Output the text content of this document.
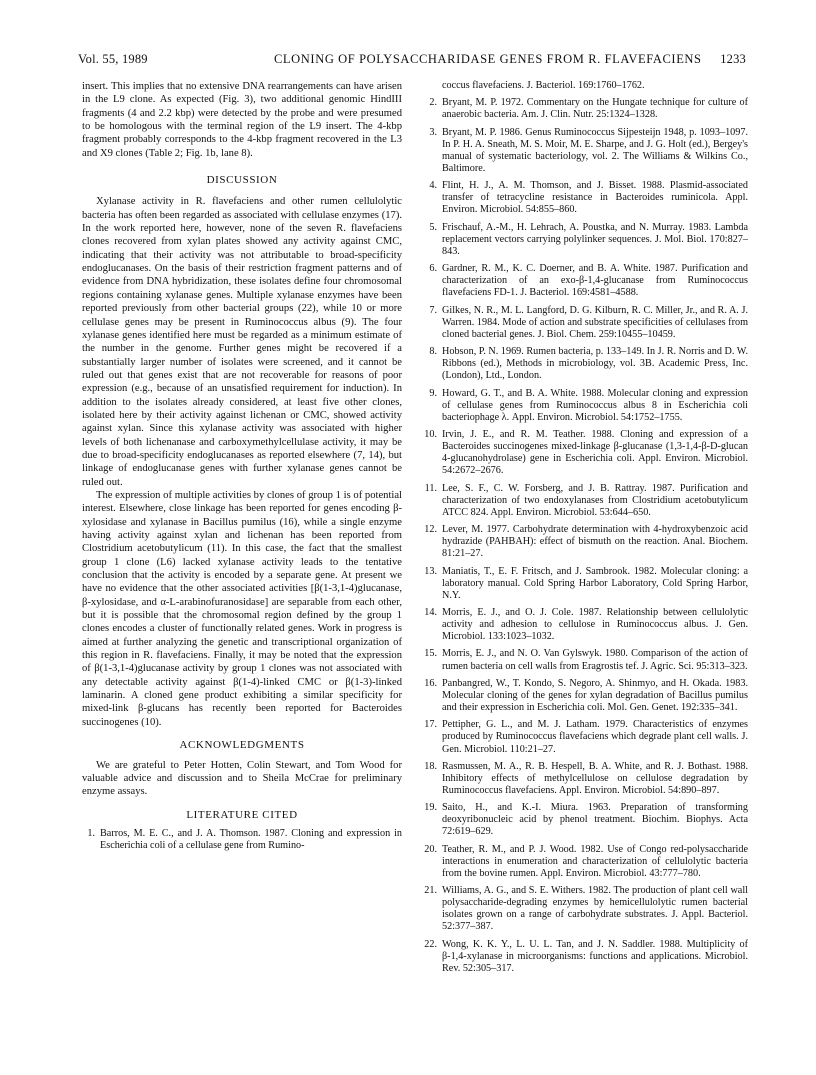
Vol. 55, 1989	CLONING OF POLYSACCHARIDASE GENES FROM R. FLAVEFACIENS 1233

insert. This implies that no extensive DNA rearrangements can have arisen in the L9 clone. As expected (Fig. 3), two additional genomic HindIII fragments (4 and 2.2 kbp) were detected by the probe and were presumed to be homologous with the terminal region of the L9 insert. The 4-kbp fragment probably corresponds to the 4-kbp fragment recovered in the L3 and X9 clones (Table 2; Fig. 1b, lane 8).

DISCUSSION

Xylanase activity in R. flavefaciens and other rumen cellulolytic bacteria has often been regarded as associated with cellulase enzymes (17). In the work reported here, however, none of the seven R. flavefaciens clones recovered from xylan plates showed any activity against CMC, indicating that their activity was not attributable to broad-specificity endoglucanases. On the basis of their restriction fragment patterns and of evidence from DNA hybridization, these isolates define four chromosomal regions containing xylanase genes. Multiple xylanase enzymes have been reported previously from other bacterial groups (22), while 10 or more cellulase genes may be present in Ruminococcus albus (9). The four xylanase genes identified here must be regarded as a minimum estimate of the number in the genome. Further genes might be recovered if a substantially larger number of isolates were screened, and it cannot be ruled out that genes exist that are not recoverable for reasons of poor expression (e.g., because of an unsatisfied requirement for induction). In addition to the isolates already considered, at least five other clones, isolated here by their activity against lichenan or CMC, showed activity against xylan. Since this xylanase activity was associated with higher levels of both lichenanase and carboxymethylcellulase activity, it may be due to broad-specificity endoglucanases as reported elsewhere (7, 14), but linkage of endoglucanase genes with further xylanase genes cannot be ruled out.

The expression of multiple activities by clones of group 1 is of potential interest. Elsewhere, close linkage has been reported for genes encoding β-xylosidase and xylanase in Bacillus pumilus (16), while a single enzyme having activity against xylan and lichenan has been reported from Clostridium acetobutylicum (11). In this case, the fact that the smallest group 1 clone (L6) lacked xylanase activity leads to the tentative conclusion that the activity is encoded by a separate gene. At present we have no evidence that the other associated activities [β(1-3,1-4)glucanase, β-xylosidase, and α-L-arabinofuranosidase] are separable from each other, but it is possible that the chromosomal region defined by the group 1 clones encodes a cluster of functionally related genes. Work in progress is aimed at further analyzing the genetic and transcriptional organization of this region in R. flavefaciens. Finally, it may be noted that the expression of β(1-3,1-4)glucanase activity by group 1 clones was not associated with any detectable activity against β(1-4)-linked CMC or β(1-3)-linked laminarin. A cloned gene product exhibiting a similar specificity for mixed-link β-glucans has recently been reported for Bacteroides succinogenes (10).

ACKNOWLEDGMENTS

We are grateful to Peter Hotten, Colin Stewart, and Tom Wood for valuable advice and discussion and to Sheila McCrae for preliminary enzyme assays.

LITERATURE CITED
1. Barros, M. E. C., and J. A. Thomson. 1987. Cloning and expression in Escherichia coli of a cellulase gene from Rumino-
coccus flavefaciens. J. Bacteriol. 169:1760–1762.
2. Bryant, M. P. 1972. Commentary on the Hungate technique for culture of anaerobic bacteria. Am. J. Clin. Nutr. 25:1324–1328.
3. Bryant, M. P. 1986. Genus Ruminococcus Sijpesteijn 1948, p. 1093–1097. In P. H. A. Sneath, M. S. Moir, M. E. Sharpe, and J. G. Holt (ed.), Bergey's manual of systematic bacteriology, vol. 2. The Williams & Wilkins Co., Baltimore.
4. Flint, H. J., A. M. Thomson, and J. Bisset. 1988. Plasmid-associated transfer of tetracycline resistance in Bacteroides ruminicola. Appl. Environ. Microbiol. 54:855–860.
5. Frischauf, A.-M., H. Lehrach, A. Poustka, and N. Murray. 1983. Lambda replacement vectors carrying polylinker sequences. J. Mol. Biol. 170:827–843.
6. Gardner, R. M., K. C. Doerner, and B. A. White. 1987. Purification and characterization of an exo-β-1,4-glucanase from Ruminococcus flavefaciens FD-1. J. Bacteriol. 169:4581–4588.
7. Gilkes, N. R., M. L. Langford, D. G. Kilburn, R. C. Miller, Jr., and R. A. J. Warren. 1984. Mode of action and substrate specificities of cellulases from cloned bacterial genes. J. Biol. Chem. 259:10455–10459.
8. Hobson, P. N. 1969. Rumen bacteria, p. 133–149. In J. R. Norris and D. W. Ribbons (ed.), Methods in microbiology, vol. 3B. Academic Press, Inc. (London), Ltd., London.
9. Howard, G. T., and B. A. White. 1988. Molecular cloning and expression of cellulase genes from Ruminococcus albus 8 in Escherichia coli bacteriophage λ. Appl. Environ. Microbiol. 54:1752–1755.
10. Irvin, J. E., and R. M. Teather. 1988. Cloning and expression of a Bacteroides succinogenes mixed-linkage β-glucanase (1,3-1,4-β-D-glucan 4-glucanohydrolase) gene in Escherichia coli. Appl. Environ. Microbiol. 54:2672–2676.
11. Lee, S. F., C. W. Forsberg, and J. B. Rattray. 1987. Purification and characterization of two endoxylanases from Clostridium acetobutylicum ATCC 824. Appl. Environ. Microbiol. 53:644–650.
12. Lever, M. 1977. Carbohydrate determination with 4-hydroxybenzoic acid hydrazide (PAHBAH): effect of bismuth on the reaction. Anal. Biochem. 81:21–27.
13. Maniatis, T., E. F. Fritsch, and J. Sambrook. 1982. Molecular cloning: a laboratory manual. Cold Spring Harbor Laboratory, Cold Spring Harbor, N.Y.
14. Morris, E. J., and O. J. Cole. 1987. Relationship between cellulolytic activity and adhesion to cellulose in Ruminococcus albus. J. Gen. Microbiol. 133:1023–1032.
15. Morris, E. J., and N. O. Van Gylswyk. 1980. Comparison of the action of rumen bacteria on cell walls from Eragrostis tef. J. Agric. Sci. 95:313–323.
16. Panbangred, W., T. Kondo, S. Negoro, A. Shinmyo, and H. Okada. 1983. Molecular cloning of the genes for xylan degradation of Bacillus pumilus and their expression in Escherichia coli. Mol. Gen. Genet. 192:335–341.
17. Pettipher, G. L., and M. J. Latham. 1979. Characteristics of enzymes produced by Ruminococcus flavefaciens which degrade plant cell walls. J. Gen. Microbiol. 110:21–27.
18. Rasmussen, M. A., R. B. Hespell, B. A. White, and R. J. Bothast. 1988. Inhibitory effects of methylcellulose on cellulose degradation by Ruminococcus flavefaciens. Appl. Environ. Microbiol. 54:890–897.
19. Saito, H., and K.-I. Miura. 1963. Preparation of transforming deoxyribonucleic acid by phenol treatment. Biochim. Biophys. Acta 72:619–629.
20. Teather, R. M., and P. J. Wood. 1982. Use of Congo red-polysaccharide interactions in enumeration and characterization of cellulolytic bacteria from the bovine rumen. Appl. Environ. Microbiol. 43:777–780.
21. Williams, A. G., and S. E. Withers. 1982. The production of plant cell wall polysaccharide-degrading enzymes by hemicellulolytic rumen bacterial isolates grown on a range of carbohydrate substrates. J. Appl. Bacteriol. 52:377–387.
22. Wong, K. K. Y., L. U. L. Tan, and J. N. Saddler. 1988. Multiplicity of β-1,4-xylanase in microorganisms: functions and applications. Microbiol. Rev. 52:305–317.
